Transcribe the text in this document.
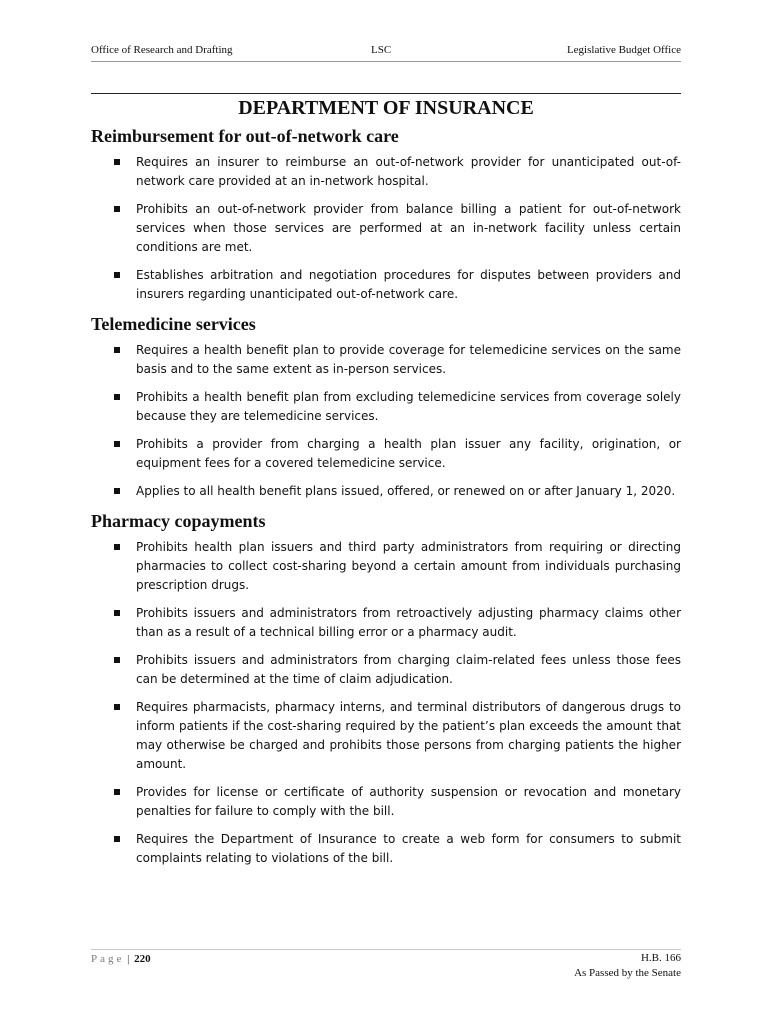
Office of Research and Drafting	LSC	Legislative Budget Office
DEPARTMENT OF INSURANCE
Reimbursement for out-of-network care
Requires an insurer to reimburse an out-of-network provider for unanticipated out-of-network care provided at an in-network hospital.
Prohibits an out-of-network provider from balance billing a patient for out-of-network services when those services are performed at an in-network facility unless certain conditions are met.
Establishes arbitration and negotiation procedures for disputes between providers and insurers regarding unanticipated out-of-network care.
Telemedicine services
Requires a health benefit plan to provide coverage for telemedicine services on the same basis and to the same extent as in-person services.
Prohibits a health benefit plan from excluding telemedicine services from coverage solely because they are telemedicine services.
Prohibits a provider from charging a health plan issuer any facility, origination, or equipment fees for a covered telemedicine service.
Applies to all health benefit plans issued, offered, or renewed on or after January 1, 2020.
Pharmacy copayments
Prohibits health plan issuers and third party administrators from requiring or directing pharmacies to collect cost-sharing beyond a certain amount from individuals purchasing prescription drugs.
Prohibits issuers and administrators from retroactively adjusting pharmacy claims other than as a result of a technical billing error or a pharmacy audit.
Prohibits issuers and administrators from charging claim-related fees unless those fees can be determined at the time of claim adjudication.
Requires pharmacists, pharmacy interns, and terminal distributors of dangerous drugs to inform patients if the cost-sharing required by the patient’s plan exceeds the amount that may otherwise be charged and prohibits those persons from charging patients the higher amount.
Provides for license or certificate of authority suspension or revocation and monetary penalties for failure to comply with the bill.
Requires the Department of Insurance to create a web form for consumers to submit complaints relating to violations of the bill.
Page | 220	H.B. 166
As Passed by the Senate
